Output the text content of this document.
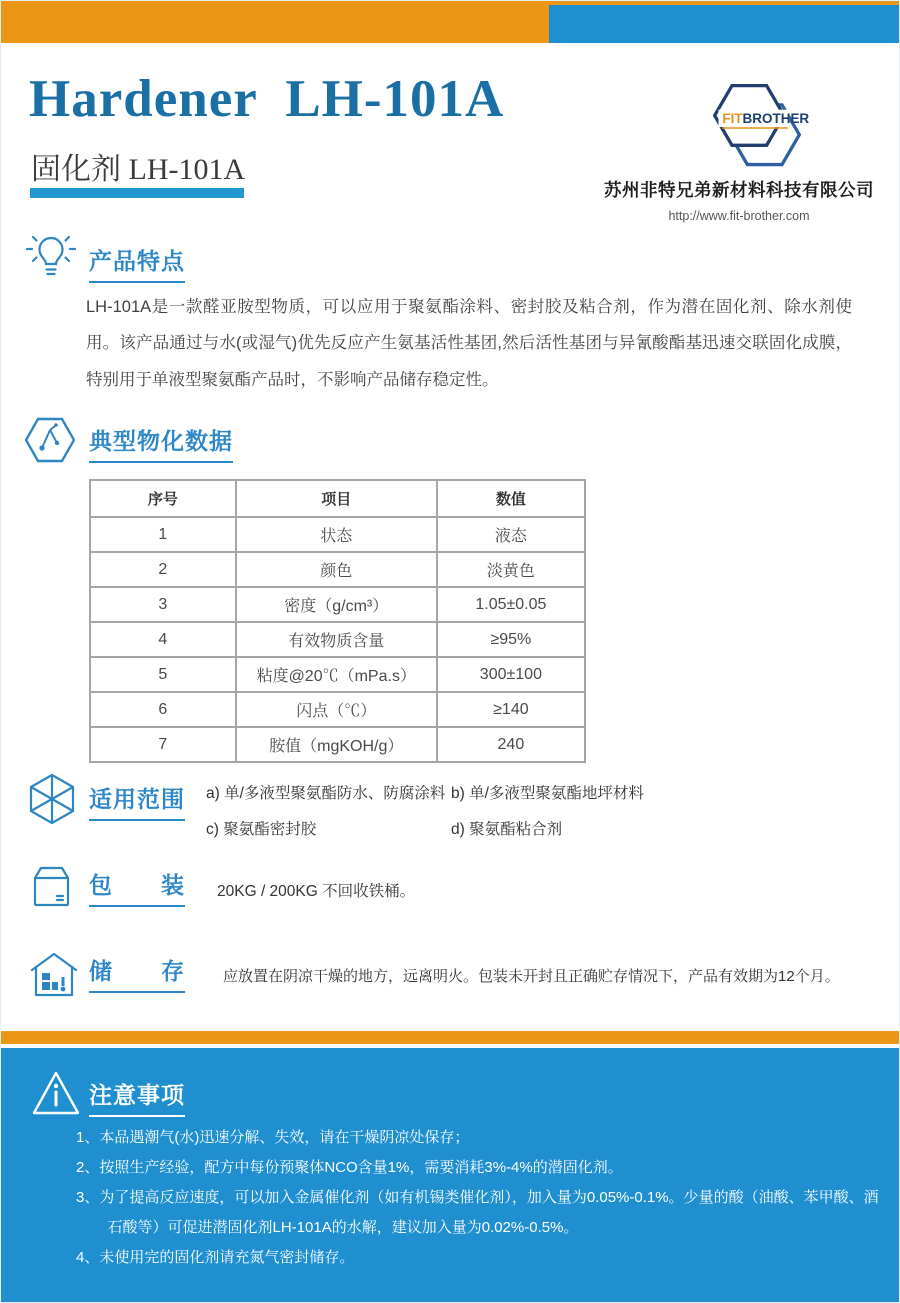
Hardener  LH-101A
固化剂 LH-101A
FITBROTHER
苏州非特兄弟新材料科技有限公司
http://www.fit-brother.com
产品特点
LH-101A是一款醛亚胺型物质，可以应用于聚氨酯涂料、密封胶及粘合剂，作为潜在固化剂、除水剂使用。该产品通过与水(或湿气)优先反应产生氨基活性基团,然后活性基团与异氰酸酯基迅速交联固化成膜，特别用于单液型聚氨酯产品时，不影响产品储存稳定性。
典型物化数据
序号	项目	数值
1	状态	液态
2	颜色	淡黄色
3	密度（g/cm³）	1.05±0.05
4	有效物质含量	≥95%
5	粘度@20℃（mPa.s）	300±100
6	闪点（℃）	≥140
7	胺值（mgKOH/g）	240
适用范围 a) 单/多液型聚氨酯防水、防腐涂料 b) 单/多液型聚氨酯地坪材料
c) 聚氨酯密封胶	d) 聚氨酯粘合剂
包　　装 20KG / 200KG 不回收铁桶。
储　　存	应放置在阴凉干燥的地方，远离明火。包装未开封且正确贮存情况下，产品有效期为12个月。
注意事项
1、本品遇潮气(水)迅速分解、失效，请在干燥阴凉处保存；
2、按照生产经验，配方中每份预聚体NCO含量1%，需要消耗3%-4%的潜固化剂。
3、为了提高反应速度，可以加入金属催化剂（如有机锡类催化剂），加入量为0.05%-0.1%。少量的酸（油酸、苯甲酸、酒石酸等）可促进潜固化剂LH-101A的水解，建议加入量为0.02%-0.5%。
4、未使用完的固化剂请充氮气密封储存。
